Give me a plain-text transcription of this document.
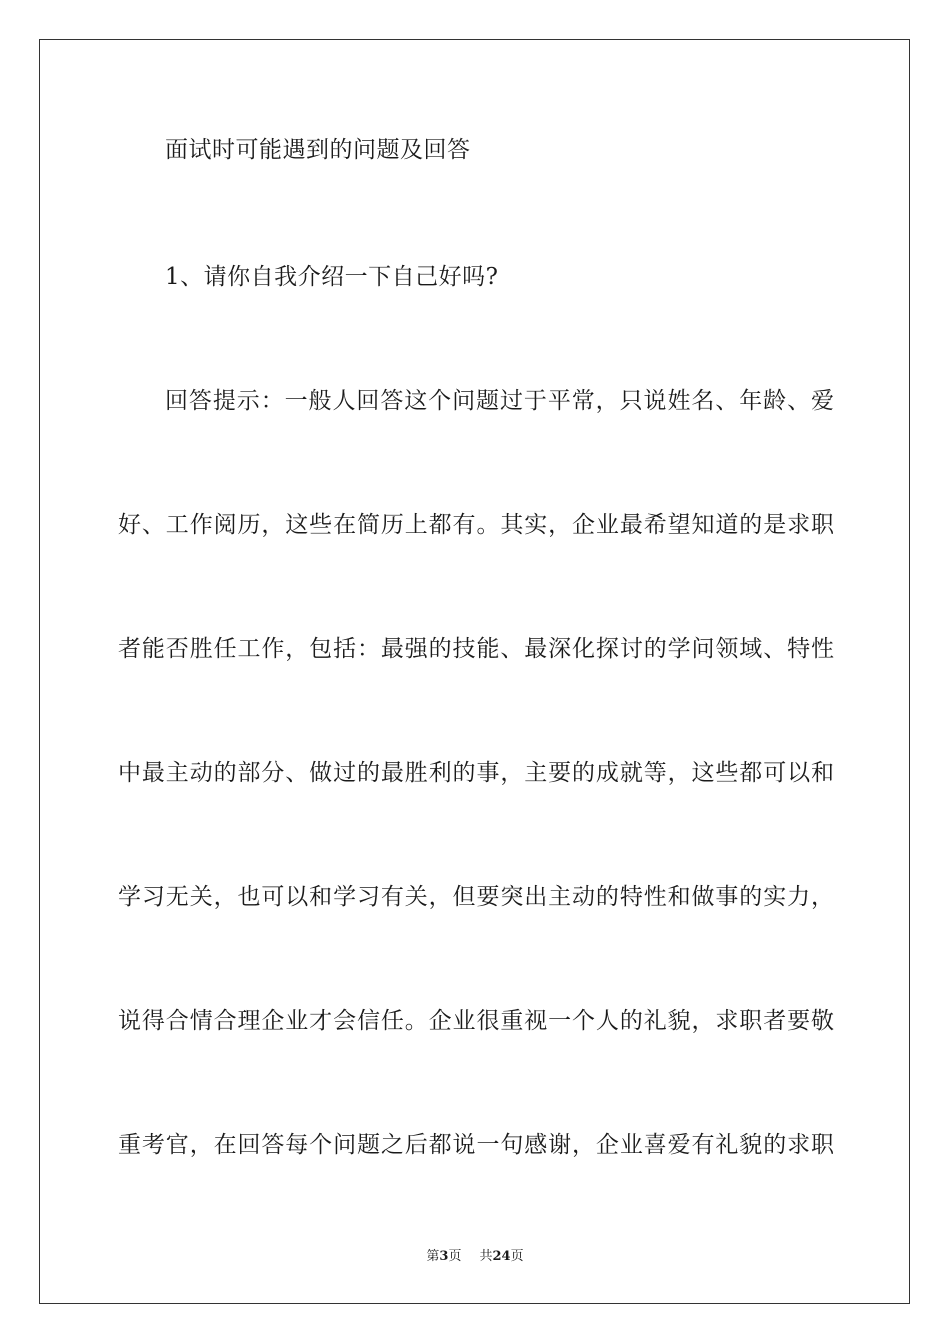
面试时可能遇到的问题及回答
1、请你自我介绍一下自己好吗?
回答提示：一般人回答这个问题过于平常，只说姓名、年龄、爱
好、工作阅历，这些在简历上都有。其实，企业最希望知道的是求职
者能否胜任工作，包括：最强的技能、最深化探讨的学问领域、特性
中最主动的部分、做过的最胜利的事，主要的成就等，这些都可以和
学习无关，也可以和学习有关，但要突出主动的特性和做事的实力，
说得合情合理企业才会信任。企业很重视一个人的礼貌，求职者要敬
重考官，在回答每个问题之后都说一句感谢，企业喜爱有礼貌的求职
第3页 共24页
